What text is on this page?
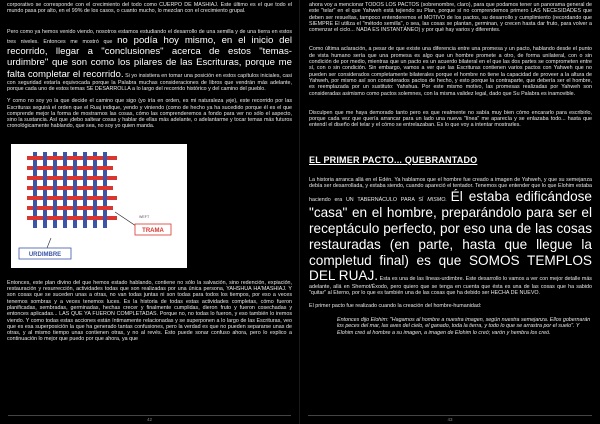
corporativo se corresponde con el crecimiento del todo como CUERPO DE MASHIAJ. Este último es el que todo el mundo pasa por alto, en el 99% de los casos, o cuanto mucho, lo mezclan con el crecimiento grupal.

Pero como ya hemos venido viendo, nosotros estamos estudiando el desarrollo de una semilla y de una tierra en estos tres niveles. Entonces me mostró que no podía hoy mismo, en el inicio del recorrido, llegar a "conclusiones" acerca de estos "temas-urdimbre" que son como los pilares de las Escrituras, porque me falta completar el recorrido. Si yo insistiera en tomar una posición en estos capítulos iniciales, casi con seguridad estaría equivocada porque la Palabra muchas consideraciones de libros que vendrán más adelante, porque cada uno de estos temas SE DESARROLLA a lo largo del recorrido histórico y del camino del pueblo.

Y como no soy yo la que decide el camino que sigo (yo iría en orden, es mi naturaleza ¡eje), este recorrido por las Escrituras seguirá el orden que el Ruaj indique, yendo y viniendo (como de hecho ya ha sucedido porque él es el que comprende mejor la forma de mostrarnos las cosas, cómo las comprenderemos a fondo para ver no sólo el aspecto, sino la sustancia. Así que ¡debo saltear cosas y hablar de ellas más adelante, o adelantarme y tocar temas más futuros cronológicamente hablando, que sea, no soy yo quien manda.

TRAMA
WEFT
URDIMBRE

Entonces, este plan divino del que hemos estado hablando, contiene no sólo la salvación, sino redención, expiación, restauración y resurrección, actividades todas que son realizadas por una única persona, YAHSHUA HA'MASHIAJ. Y son cosas que se suceden unas a otras, no van todas juntas ni son todas para todos los tiempos, por eso a veces tenemos sombras y a veces tenemos luces. Es la historia de todas estas actividades completas, cómo fueron planificadas, sembradas, germinadas, hechas crecer y finalmente cumplidas, dieron fruto y fueron cosechadas y entonces aplicadas... LAS QUE YA FUERON COMPLETADAS. Porque no, no todas lo fueron, y eso también lo iremos viendo. Y como todas estas acciones están íntimamente relacionadas y se superponen a lo largo de las Escrituras, veo que es esa superposición la que ha generado tantas confusiones, pero la verdad es que no pueden separarse unas de otras, y al mismo tiempo unas contienen otras, y no al revés. Esto puede sonar confuso ahora, pero lo explico a continuación lo mejor que puedo por que ahora, ya que

42

ahora voy a mencionar TODOS LOS PACTOS (sobrenombre, claro), para que podamos tener un panorama general de este "telar" en el que Yahweh está tejiendo su Plan, porque sí no comprendemos primero LAS NECESIDADES que deben ser resueltas, tampoco entenderemos el MOTIVO de los pactos, su desarrollo y cumplimiento (recordando que SIEMPRE El utiliza el "método semilla", o sea, las cosas se plantan, germinan, y crecen hasta dar fruto, para volver a comenzar el ciclo... NADA ES INSTANTÁNEO) y por qué hay varios y diferentes.

Como última aclaración, a pesar de que existe una diferencia entre una promesa y un pacto, hablando desde el punto de vista humano sería que una promesa es algo que un hombre promete a otro, de forma unilateral, con o sin condición de por medio, mientras que un pacto es un acuerdo bilateral en el que las dos partes se comprometen entre sí, con o sin condición. Sin embargo, vamos a ver que las Escrituras contienen varios pactos con Yahweh que no pueden ser considerados completamente bilaterales porque el hombre no tiene la capacidad de proveer a la altura de Yahweh, por mismo así son considerados pactos de hecho, y esto porque la contraparte, que debería ser el hombre, es reemplazada por un sustituto: Yahshua. Por este mismo motivo, las promesas realizadas por Yahweh son consideradas asimismo como pactos solemnes, con la misma validez legal, dado que Su Palabra es inamovible.

Disculpen que me haya demorado tanto pero es que realmente no sabía muy bien cómo encararlo para escribirlo, porque cada vez que quería arrancar para un lado una nueva "línea" me aparecía y se enlazaba todo... hasta que entendí el diseño del telar y el cómo se entrelazaban. Es lo que voy a intentar mostrarles.

EL PRIMER PACTO... QUEBRANTADO

La historia arranca allá en el Edén. Ya hablamos que el hombre fue creado a imagen de Yahweh, y que su semejanza debía ser desarrollada, y estaba siendo, cuando apareció el tentador. Tenemos que entender que lo que Elohim estaba haciendo era UN TABERNÁCULO PARA SÍ MISMO. Él estaba edificándose "casa" en el hombre, preparándolo para ser el receptáculo perfecto, por eso una de las cosas restauradas (en parte, hasta que llegue la completud final) es que SOMOS TEMPLOS DEL RUAJ. Esta es una de las líneas-urdimbre. Este desarrollo lo vamos a ver con mejor detalle más adelante, allá en Shemot/Éxodo, pero quiero que se tenga en cuenta que ésta es una de las cosas que ha sabido "quitar" al Eterno, por lo que es también una de las cosas que ha debido ser HECHA DE NUEVO.

El primer pacto fue realizado cuando la creación del hombre-humanidad:

Entonces dijo Elohim: "Hagamos al hombre a nuestra imagen, según nuestra semejanza. Ellos gobernarán los peces del mar, las aves del cielo, el ganado, toda la tierra, y todo lo que se arrastra por el suelo". Y Elohim creó al hombre a su imagen, a imagen de Elohim lo creó; varón y hembra los creó.
43
